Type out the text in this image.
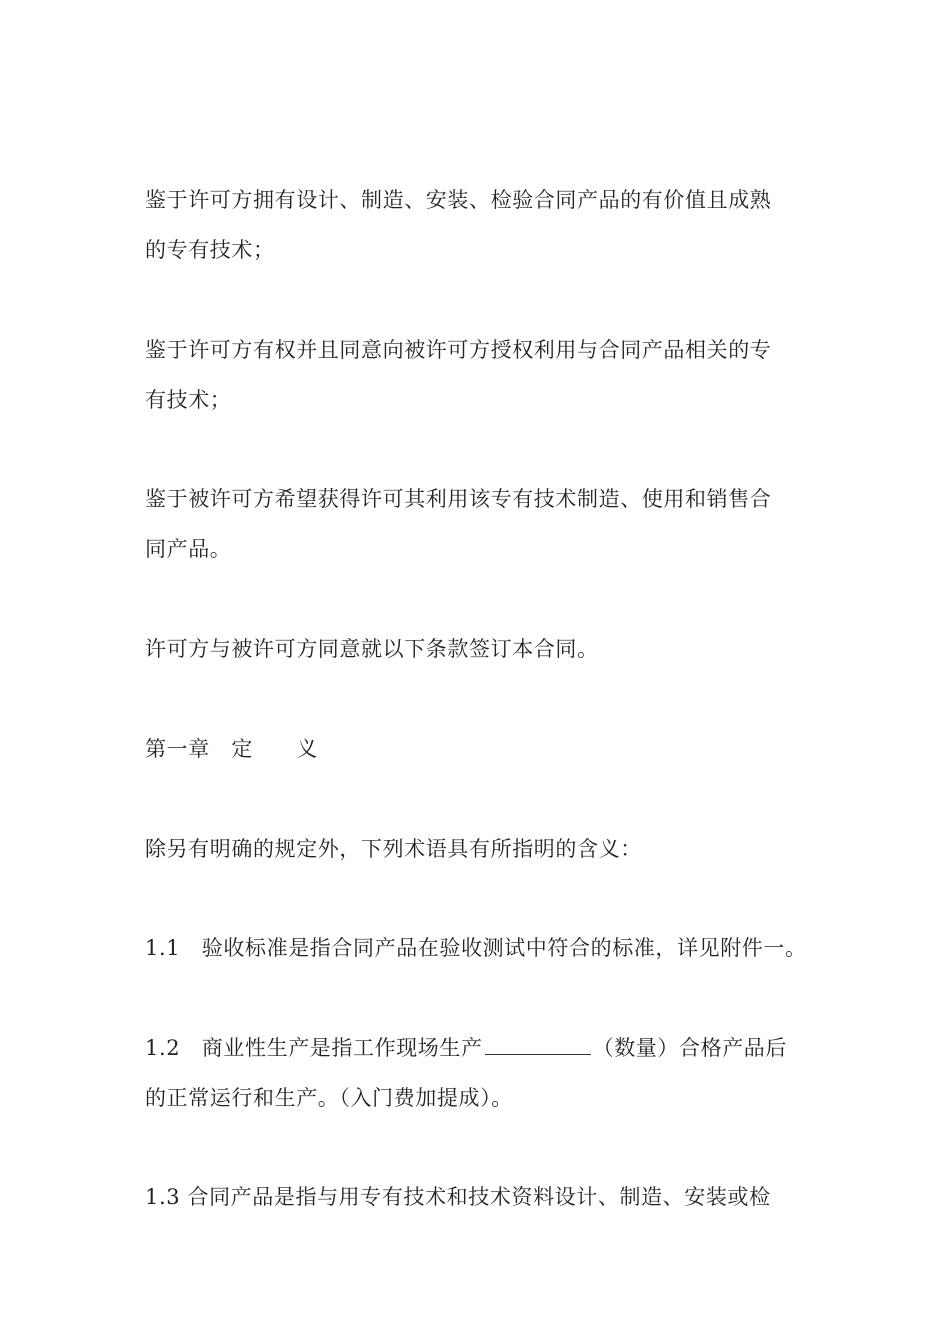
鉴于许可方拥有设计、制造、安装、检验合同产品的有价值且成熟
的专有技术；
鉴于许可方有权并且同意向被许可方授权利用与合同产品相关的专
有技术；
鉴于被许可方希望获得许可其利用该专有技术制造、使用和销售合
同产品。
许可方与被许可方同意就以下条款签订本合同。
第一章　定　　义
除另有明确的规定外，下列术语具有所指明的含义：
1.1　验收标准是指合同产品在验收测试中符合的标准，详见附件一。
1.2　商业性生产是指工作现场生产	（数量）合格产品后
的正常运行和生产。（入门费加提成）。
1.3 合同产品是指与用专有技术和技术资料设计、制造、安装或检
